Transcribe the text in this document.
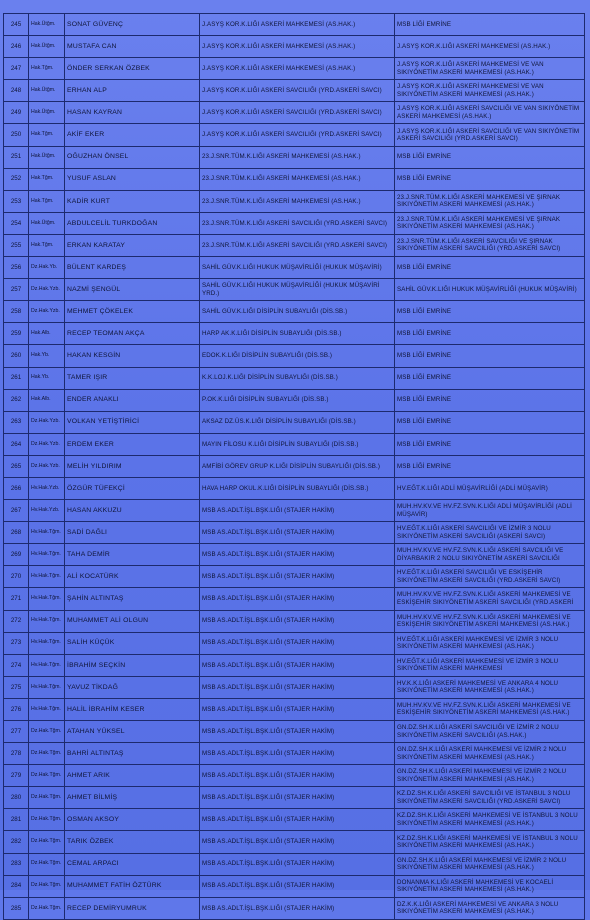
245	Hak.Ütğm.	SONAT GÜVENÇ	J.ASYŞ KOR.K.LIĞI ASKERİ MAHKEMESİ (AS.HAK.)	MSB LİĞİ EMRİNE
246	Hak.Ütğm.	MUSTAFA CAN	J.ASYŞ KOR.K.LIĞI ASKERİ MAHKEMESİ (AS.HAK.)	J.ASYŞ KOR.K.LIĞI ASKERİ MAHKEMESİ (AS.HAK.)
247	Hak.Tğm.	ÖNDER SERKAN ÖZBEK	J.ASYŞ KOR.K.LIĞI ASKERİ MAHKEMESİ (AS.HAK.)	J.ASYŞ KOR.K.LIĞI ASKERİ MAHKEMESİ VE VAN SIKIYÖNETİM ASKERİ MAHKEMESİ (AS.HAK.)
248	Hak.Ütğm.	ERHAN ALP	J.ASYŞ KOR.K.LIĞI ASKERİ SAVCILIĞI (YRD.ASKERİ SAVCI)	J.ASYŞ KOR.K.LIĞI ASKERİ MAHKEMESİ VE VAN SIKIYÖNETİM ASKERİ MAHKEMESİ (AS.HAK.)
249	Hak.Ütğm.	HASAN KAYRAN	J.ASYŞ KOR.K.LIĞI ASKERİ SAVCILIĞI (YRD.ASKERİ SAVCI)	J.ASYŞ KOR.K.LIĞI ASKERİ SAVCILIĞI VE VAN SIKIYÖNETİM ASKERİ MAHKEMESİ (AS.HAK.)
250	Hak.Tğm.	AKİF EKER	J.ASYŞ KOR.K.LIĞI ASKERİ SAVCILIĞI (YRD.ASKERİ SAVCI)	J.ASYŞ KOR.K.LIĞI ASKERİ SAVCILIĞI VE VAN SIKIYÖNETİM ASKERİ SAVCILIĞI (YRD.ASKERİ SAVCI)
251	Hak.Ütğm.	OĞUZHAN ÖNSEL	23.J.SNR.TÜM.K.LIĞI ASKERİ MAHKEMESİ (AS.HAK.)	MSB LİĞİ EMRİNE
252	Hak.Tğm.	YUSUF ASLAN	23.J.SNR.TÜM.K.LIĞI ASKERİ MAHKEMESİ (AS.HAK.)	MSB LİĞİ EMRİNE
253	Hak.Tğm.	KADİR KURT	23.J.SNR.TÜM.K.LIĞI ASKERİ MAHKEMESİ (AS.HAK.)	23.J.SNR.TÜM.K.LIĞI ASKERİ MAHKEMESİ VE ŞIRNAK SIKIYÖNETİM ASKERİ MAHKEMESİ (AS.HAK.)
254	Hak.Ütğm.	ABDULCELİL TURKDOĞAN	23.J.SNR.TÜM.K.LIĞI ASKERİ SAVCILIĞI (YRD.ASKERİ SAVCI)	23.J.SNR.TÜM.K.LIĞI ASKERİ MAHKEMESİ VE ŞIRNAK SIKIYÖNETİM ASKERİ MAHKEMESİ (AS.HAK.)
255	Hak.Tğm.	ERKAN KARATAY	23.J.SNR.TÜM.K.LIĞI ASKERİ SAVCILIĞI (YRD.ASKERİ SAVCI)	23.J.SNR.TÜM.K.LIĞI ASKERİ SAVCILIĞI VE ŞIRNAK SIKIYÖNETİM ASKERİ SAVCILIĞI (YRD.ASKERİ SAVCI)
256	Dz.Hak.Yb.	BÜLENT KARDEŞ	SAHİL GÜV.K.LIĞI HUKUK MÜŞAVİRLİĞİ (HUKUK MÜŞAVİRİ)	MSB LİĞİ EMRİNE
257	Dz.Hak.Yzb.	NAZMİ ŞENGÜL	SAHİL GÜV.K.LIĞI HUKUK MÜŞAVİRLİĞİ (HUKUK MÜŞAVİRİ YRD.)	SAHİL GÜV.K.LIĞI HUKUK MÜŞAVİRLİĞİ (HUKUK MÜŞAVİRİ)
258	Dz.Hak.Yzb.	MEHMET ÇÖKELEK	SAHİL GÜV.K.LIĞI DİSİPLİN SUBAYLIĞI (DİS.SB.)	MSB LİĞİ EMRİNE
259	Hak.Alb.	RECEP TEOMAN AKÇA	HARP AK.K.LIĞI DİSİPLİN SUBAYLIĞI (DİS.SB.)	MSB LİĞİ EMRİNE
260	Hak.Yb.	HAKAN KESGİN	EDOK.K.LIĞI DİSİPLİN SUBAYLIĞI (DİS.SB.)	MSB LİĞİ EMRİNE
261	Hak.Yb.	TAMER IŞIR	K.K.LOJ.K.LIĞI DİSİPLİN SUBAYLIĞI (DİS.SB.)	MSB LİĞİ EMRİNE
262	Hak.Alb.	ENDER ANAKLI	P.OK.K.LIĞI DİSİPLİN SUBAYLIĞI (DİS.SB.)	MSB LİĞİ EMRİNE
263	Dz.Hak.Yzb.	VOLKAN YETİŞTİRİCİ	AKSAZ DZ.ÜS.K.LIĞI DİSİPLİN SUBAYLIĞI (DİS.SB.)	MSB LİĞİ EMRİNE
264	Dz.Hak.Yzb.	ERDEM EKER	MAYIN FİLOSU K.LIĞI DİSİPLİN SUBAYLIĞI (DİS.SB.)	MSB LİĞİ EMRİNE
265	Dz.Hak.Yzb.	MELİH YILDIRIM	AMFİBİ GÖREV GRUP K.LIĞI DİSİPLİN SUBAYLIĞI (DİS.SB.)	MSB LİĞİ EMRİNE
266	Hv.Hak.Yzb.	ÖZGÜR TÜFEKÇİ	HAVA HARP OKUL.K.LIĞI DİSİPLİN SUBAYLIĞI (DİS.SB.)	HV.EĞT.K.LIĞI ADLİ MÜŞAVİRLİĞİ (ADLİ MÜŞAVİR)
267	Hv.Hak.Yzb.	HASAN AKKUZU	MSB AS.ADLT.İŞL.BŞK.LIĞI (STAJER HAKİM)	MUH.HV.KV.VE HV.FZ.SVN.K.LIĞI ADLİ MÜŞAVİRLİĞİ (ADLİ MÜŞAVİR)
268	Hv.Hak.Tğm.	SADİ DAĞLI	MSB AS.ADLT.İŞL.BŞK.LIĞI (STAJER HAKİM)	HV.EĞT.K.LIĞI ASKERİ SAVCILIĞI VE İZMİR 3 NOLU SIKIYÖNETİM ASKERİ SAVCILIĞI (ASKERİ SAVCI)
269	Hv.Hak.Tğm.	TAHA DEMİR	MSB AS.ADLT.İŞL.BŞK.LIĞI (STAJER HAKİM)	MUH.HV.KV.VE HV.FZ.SVN.K.LIĞI ASKERİ SAVCILIĞI VE DİYARBAKIR 2 NOLU SIKIYÖNETİM ASKERİ SAVCILIĞI
270	Hv.Hak.Tğm.	ALİ KOCATÜRK	MSB AS.ADLT.İŞL.BŞK.LIĞI (STAJER HAKİM)	HV.EĞT.K.LIĞI ASKERİ SAVCILIĞI VE ESKİŞEHİR SIKIYÖNETİM ASKERİ SAVCILIĞI (YRD.ASKERİ SAVCI)
271	Hv.Hak.Tğm.	ŞAHİN ALTINTAŞ	MSB AS.ADLT.İŞL.BŞK.LIĞI (STAJER HAKİM)	MUH.HV.KV.VE HV.FZ.SVN.K.LIĞI ASKERİ MAHKEMESİ VE ESKİŞEHİR SIKIYÖNETİM ASKERİ SAVCILIĞI (YRD.ASKERİ
272	Hv.Hak.Tğm.	MUHAMMET ALİ OLGUN	MSB AS.ADLT.İŞL.BŞK.LIĞI (STAJER HAKİM)	MUH.HV.KV.VE HV.FZ.SVN.K.LIĞI ASKERİ MAHKEMESİ VE ESKİŞEHİR SIKIYÖNETİM ASKERİ MAHKEMESİ (AS.HAK.)
273	Hv.Hak.Tğm.	SALİH KÜÇÜK	MSB AS.ADLT.İŞL.BŞK.LIĞI (STAJER HAKİM)	HV.EĞT.K.LIĞI ASKERİ MAHKEMESİ VE İZMİR 3 NOLU SIKIYÖNETİM ASKERİ MAHKEMESİ (AS.HAK.)
274	Hv.Hak.Tğm.	İBRAHİM SEÇKİN	MSB AS.ADLT.İŞL.BŞK.LIĞI (STAJER HAKİM)	HV.EĞT.K.LIĞI ASKERİ MAHKEMESİ VE İZMİR 3 NOLU SIKIYÖNETİM ASKERİ MAHKEMESİ
275	Hv.Hak.Tğm.	YAVUZ TİKDAĞ	MSB AS.ADLT.İŞL.BŞK.LIĞI (STAJER HAKİM)	HV.K.K.LIĞI ASKERİ MAHKEMESİ VE ANKARA 4 NOLU SIKIYÖNETİM ASKERİ MAHKEMESİ (AS.HAK.)
276	Hv.Hak.Tğm.	HALİL İBRAHİM KESER	MSB AS.ADLT.İŞL.BŞK.LIĞI (STAJER HAKİM)	MUH.HV.KV.VE HV.FZ.SVN.K.LIĞI ASKERİ MAHKEMESİ VE ESKİŞEHİR SIKIYÖNETİM ASKERİ MAHKEMESİ (AS.HAK.)
277	Dz.Hak.Tğm.	ATAHAN YÜKSEL	MSB AS.ADLT.İŞL.BŞK.LIĞI (STAJER HAKİM)	GN.DZ.SH.K.LIĞI ASKERİ SAVCILIĞI VE İZMİR 2 NOLU SIKIYÖNETİM ASKERİ SAVCILIĞI (AS.HAK.)
278	Dz.Hak.Tğm.	BAHRİ ALTINTAŞ	MSB AS.ADLT.İŞL.BŞK.LIĞI (STAJER HAKİM)	GN.DZ.SH.K.LIĞI ASKERİ MAHKEMESİ VE İZMİR 2 NOLU SIKIYÖNETİM ASKERİ MAHKEMESİ (AS.HAK.)
279	Dz.Hak.Tğm.	AHMET ARIK	MSB AS.ADLT.İŞL.BŞK.LIĞI (STAJER HAKİM)	GN.DZ.SH.K.LIĞI ASKERİ MAHKEMESİ VE İZMİR 2 NOLU SIKIYÖNETİM ASKERİ MAHKEMESİ (AS.HAK.)
280	Dz.Hak.Tğm.	AHMET BİLMİŞ	MSB AS.ADLT.İŞL.BŞK.LIĞI (STAJER HAKİM)	KZ.DZ.SH.K.LIĞI ASKERİ SAVCILIĞI VE İSTANBUL 3 NOLU SIKIYÖNETİM ASKERİ SAVCILIĞI (YRD.ASKERİ SAVCI)
281	Dz.Hak.Tğm.	OSMAN AKSOY	MSB AS.ADLT.İŞL.BŞK.LIĞI (STAJER HAKİM)	KZ.DZ.SH.K.LIĞI ASKERİ MAHKEMESİ VE İSTANBUL 3 NOLU SIKIYÖNETİM ASKERİ MAHKEMESİ (AS.HAK.)
282	Dz.Hak.Tğm.	TARIK ÖZBEK	MSB AS.ADLT.İŞL.BŞK.LIĞI (STAJER HAKİM)	KZ.DZ.SH.K.LIĞI ASKERİ MAHKEMESİ VE İSTANBUL 3 NOLU SIKIYÖNETİM ASKERİ MAHKEMESİ (AS.HAK.)
283	Dz.Hak.Tğm.	CEMAL ARPACI	MSB AS.ADLT.İŞL.BŞK.LIĞI (STAJER HAKİM)	GN.DZ.SH.K.LIĞI ASKERİ MAHKEMESİ VE İZMİR 2 NOLU SIKIYÖNETİM ASKERİ MAHKEMESİ (AS.HAK.)
284	Dz.Hak.Tğm.	MUHAMMET FATİH ÖZTÜRK	MSB AS.ADLT.İŞL.BŞK.LIĞI (STAJER HAKİM)	DONANMA K.LIĞI ASKERİ MAHKEMESİ VE KOCAELİ SIKIYÖNETİM ASKERİ MAHKEMESİ (AS.HAK.)
285	Dz.Hak.Tğm.	RECEP DEMİRYUMRUK	MSB AS.ADLT.İŞL.BŞK.LIĞI (STAJER HAKİM)	DZ.K.K.LIĞI ASKERİ MAHKEMESİ VE ANKARA 3 NOLU SIKIYÖNETİM ASKERİ MAHKEMESİ (AS.HAK.)
